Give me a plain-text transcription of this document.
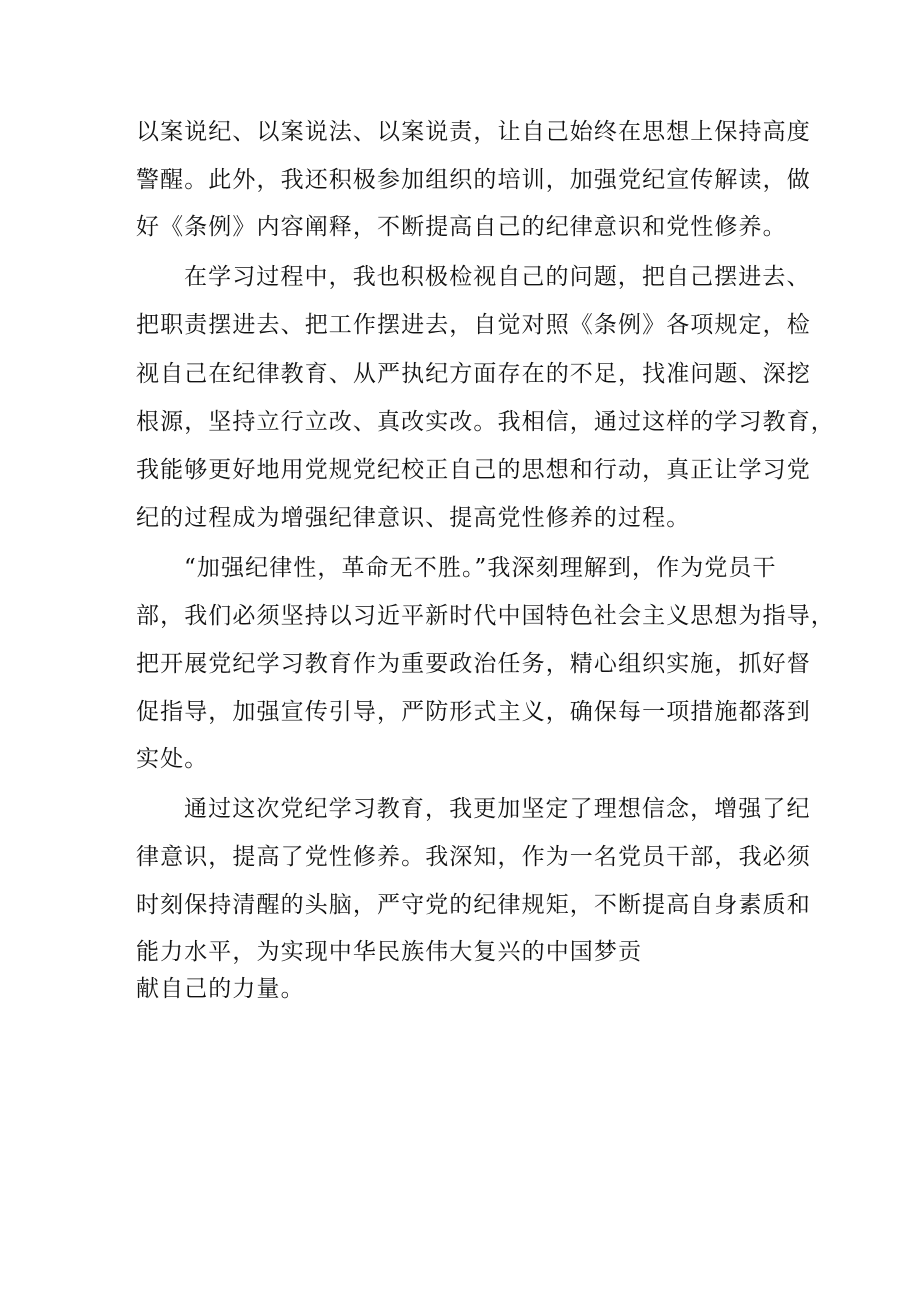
以案说纪、以案说法、以案说责，让自己始终在思想上保持高度
警醒。此外，我还积极参加组织的培训，加强党纪宣传解读，做
好《条例》内容阐释，不断提高自己的纪律意识和党性修养。
在学习过程中，我也积极检视自己的问题，把自己摆进去、
把职责摆进去、把工作摆进去，自觉对照《条例》各项规定，检
视自己在纪律教育、从严执纪方面存在的不足，找准问题、深挖
根源，坚持立行立改、真改实改。我相信，通过这样的学习教育，
我能够更好地用党规党纪校正自己的思想和行动，真正让学习党
纪的过程成为增强纪律意识、提高党性修养的过程。
“加强纪律性，革命无不胜。”我深刻理解到，作为党员干
部，我们必须坚持以习近平新时代中国特色社会主义思想为指导，
把开展党纪学习教育作为重要政治任务，精心组织实施，抓好督
促指导，加强宣传引导，严防形式主义，确保每一项措施都落到
实处。
通过这次党纪学习教育，我更加坚定了理想信念，增强了纪
律意识，提高了党性修养。我深知，作为一名党员干部，我必须
时刻保持清醒的头脑，严守党的纪律规矩，不断提高自身素质和
能力水平，为实现中华民族伟大复兴的中国梦贡
献自己的力量。
